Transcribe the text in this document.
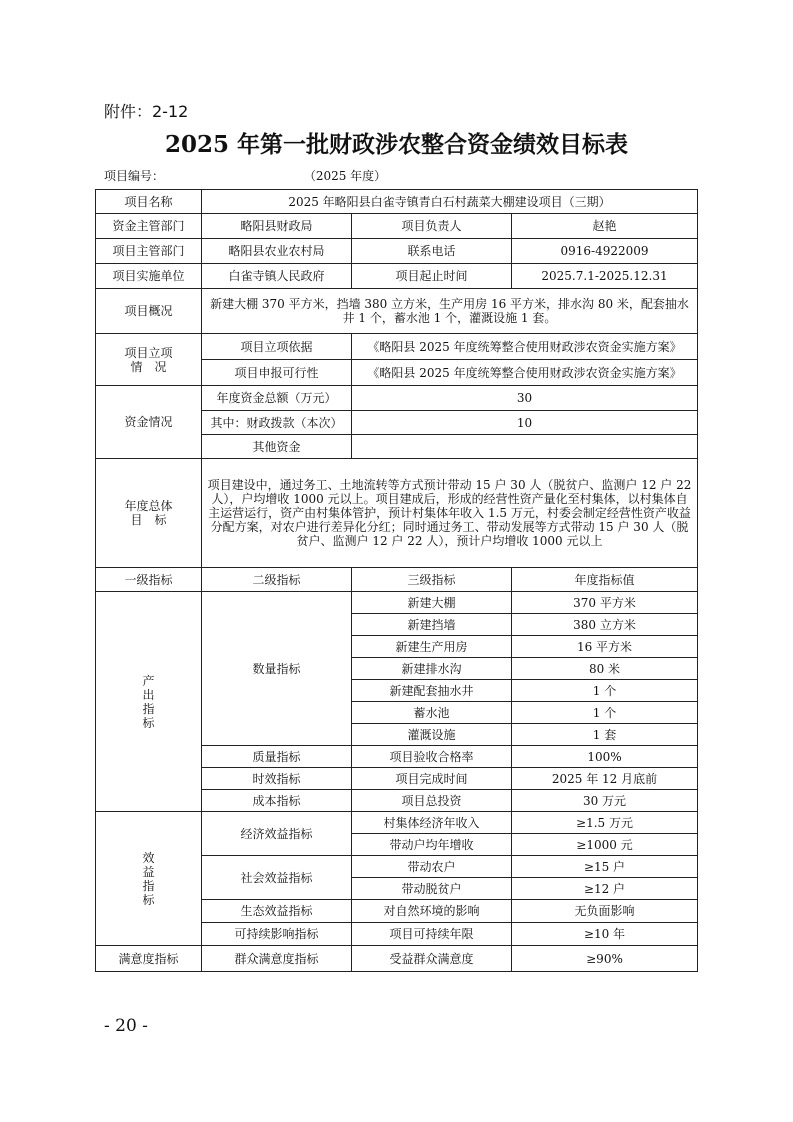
附件：2-12
2025 年第一批财政涉农整合资金绩效目标表
项目编号：	（2025 年度）
项目名称	2025 年略阳县白雀寺镇青白石村蔬菜大棚建设项目（三期）		
资金主管部门	略阳县财政局	项目负责人	赵艳
项目主管部门	略阳县农业农村局	联系电话	0916-4922009
项目实施单位	白雀寺镇人民政府	项目起止时间	2025.7.1-2025.12.31
项目概况	新建大棚 370 平方米，挡墙 380 立方米，生产用房 16 平方米，排水沟 80 米，配套抽水井 1 个，蓄水池 1 个，灌溉设施 1 套。		

项目立项
情　况	项目立项依据	《略阳县 2025 年度统筹整合使用财政涉农资金实施方案》	
	项目申报可行性	《略阳县 2025 年度统筹整合使用财政涉农资金实施方案》	
资金情况	年度资金总额（万元）	30	
	其中：财政拨款（本次）	10	
	其他资金		

年度总体
目　标	项目建设中，通过务工、土地流转等方式预计带动 15 户 30 人（脱贫户、监测户 12 户 22 人），户均增收 1000 元以上。项目建成后，形成的经营性资产量化至村集体，以村集体自主运营运行，资产由村集体管护，预计村集体年收入 1.5 万元，村委会制定经营性资产收益分配方案，对农户进行差异化分红；同时通过务工、带动发展等方式带动 15 户 30 人（脱贫户、监测户 12 户 22 人），预计户均增收 1000 元以上		
一级指标	二级指标	三级指标	年度指标值

产
出
指
标	数量指标	新建大棚	370 平方米
		新建挡墙	380 立方米
		新建生产用房	16 平方米
		新建排水沟	80 米
		新建配套抽水井	1 个
		蓄水池	1 个
		灌溉设施	1 套
	质量指标	项目验收合格率	100%
	时效指标	项目完成时间	2025 年 12 月底前
	成本指标	项目总投资	30 万元

效
益
指
标	经济效益指标	村集体经济年收入	≥1.5 万元
		带动户均年增收	≥1000 元
	社会效益指标	带动农户	≥15 户
		带动脱贫户	≥12 户
	生态效益指标	对自然环境的影响	无负面影响
	可持续影响指标	项目可持续年限	≥10 年
满意度指标	群众满意度指标	受益群众满意度	≥90%
- 20 -
